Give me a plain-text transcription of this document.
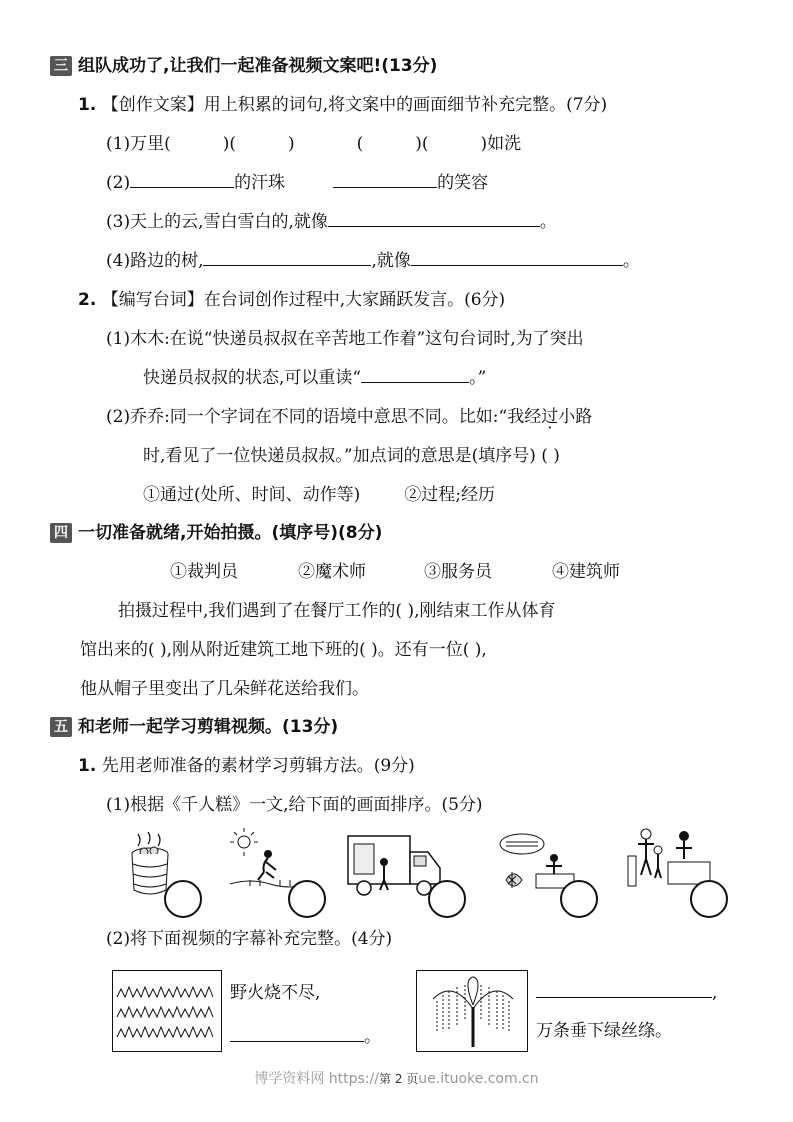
三 组队成功了,让我们一起准备视频文案吧!(13分)
1. 【创作文案】用上积累的词句,将文案中的画面细节补充完整。(7分)
(1)万里(	)(	)	(	)(	)如洗
(2)	的汗珠	的笑容
(3)天上的云,雪白雪白的,就像	。
(4)路边的树,	,就像	。
2. 【编写台词】在台词创作过程中,大家踊跃发言。(6分)
(1)木木:在说“快递员叔叔在辛苦地工作着”这句台词时,为了突出
快递员叔叔的状态,可以重读“	。”
(2)乔乔:同一个字词在不同的语境中意思不同。比如:“我经过小路
时,看见了一位快递员叔叔。”加点词的意思是(填序号) ( )
①通过(处所、时间、动作等)	②过程;经历
四 一切准备就绪,开始拍摄。(填序号)(8分)
①裁判员	②魔术师	③服务员	④建筑师
拍摄过程中,我们遇到了在餐厅工作的( ),刚结束工作从体育
馆出来的( ),刚从附近建筑工地下班的( )。还有一位( ),
他从帽子里变出了几朵鲜花送给我们。
五 和老师一起学习剪辑视频。(13分)
1. 先用老师准备的素材学习剪辑方法。(9分)
(1)根据《千人糕》一文,给下面的画面排序。(5分)
(2)将下面视频的字幕补充完整。(4分)
野火烧不尽,
。
,
万条垂下绿丝绦。
博学资料网 https://第 2 页ue.ituoke.com.cn
